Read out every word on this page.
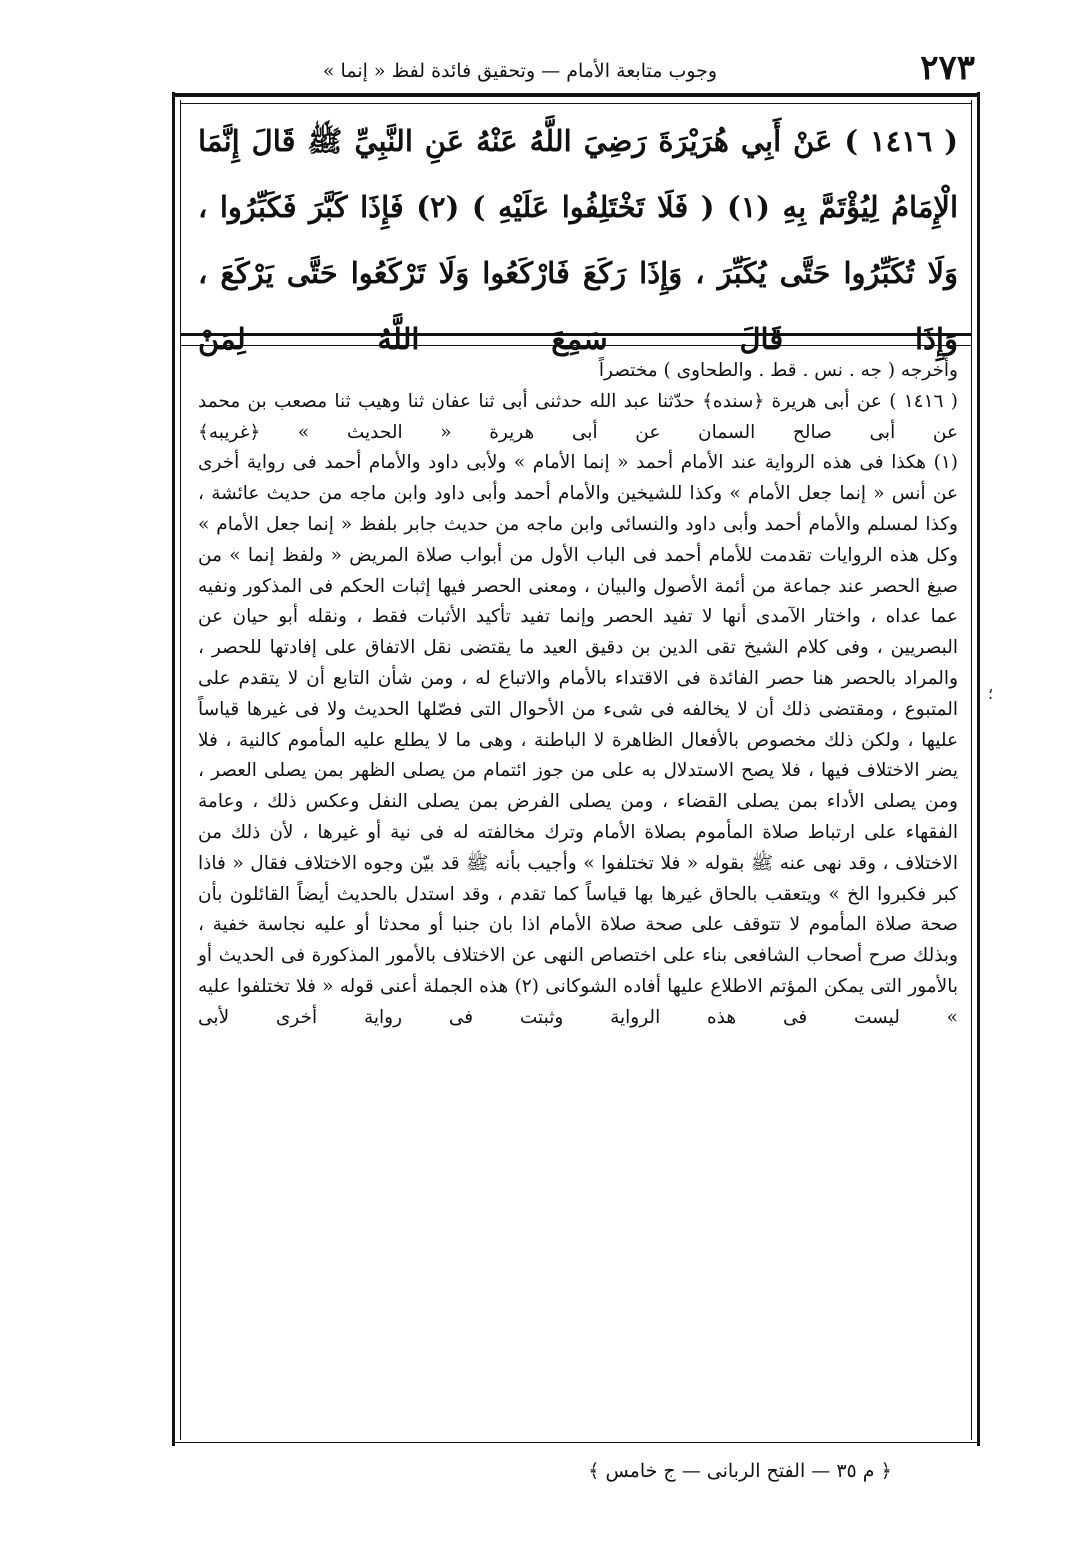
٢٧٣
وجوب متابعة الأمام — وتحقيق فائدة لفظ « إنما »
( ١٤١٦ ) عَنْ أَبِي هُرَيْرَةَ رَضِيَ اللَّهُ عَنْهُ عَنِ النَّبِيِّ ﷺ قَالَ إِنَّمَا الْإِمَامُ لِيُؤْتَمَّ بِهِ (١) ( فَلَا تَخْتَلِفُوا عَلَيْهِ ) (٢) فَإِذَا كَبَّرَ فَكَبِّرُوا ، وَلَا تُكَبِّرُوا حَتَّى يُكَبِّرَ ، وَإِذَا رَكَعَ فَارْكَعُوا وَلَا تَرْكَعُوا حَتَّى يَرْكَعَ ، وَإِذَا قَالَ سَمِعَ اللَّهُ لِمَنْ

وأخرجه ( جه . نس . قط . والطحاوى ) مختصراً

( ١٤١٦ ) عن أبى هريرة ﴿سنده﴾ حدّثنا عبد الله حدثنى أبى ثنا عفان ثنا وهيب ثنا مصعب بن محمد عن أبى صالح السمان عن أبى هريرة « الحديث » ﴿غريبه﴾

(١) هكذا فى هذه الرواية عند الأمام أحمد « إنما الأمام » ولأبى داود والأمام أحمد فى رواية أخرى عن أنس « إنما جعل الأمام » وكذا للشيخين والأمام أحمد وأبى داود وابن ماجه من حديث عائشة ، وكذا لمسلم والأمام أحمد وأبى داود والنسائى وابن ماجه من حديث جابر بلفظ « إنما جعل الأمام » وكل هذه الروايات تقدمت للأمام أحمد فى الباب الأول من أبواب صلاة المريض « ولفظ إنما » من صيغ الحصر عند جماعة من أئمة الأصول والبيان ، ومعنى الحصر فيها إثبات الحكم فى المذكور ونفيه عما عداه ، واختار الآمدى أنها لا تفيد الحصر وإنما تفيد تأكيد الأثبات فقط ، ونقله أبو حيان عن البصريين ، وفى كلام الشيخ تقى الدين بن دقيق العيد ما يقتضى نقل الاتفاق على إفادتها للحصر ، والمراد بالحصر هنا حصر الفائدة فى الاقتداء بالأمام والاتباع له ، ومن شأن التابع أن لا يتقدم على المتبوع ، ومقتضى ذلك أن لا يخالفه فى شىء من الأحوال التى فصّلها الحديث ولا فى غيرها قياساً عليها ، ولكن ذلك مخصوص بالأفعال الظاهرة لا الباطنة ، وهى ما لا يطلع عليه المأموم كالنية ، فلا يضر الاختلاف فيها ، فلا يصح الاستدلال به على من جوز ائتمام من يصلى الظهر بمن يصلى العصر ، ومن يصلى الأداء بمن يصلى القضاء ، ومن يصلى الفرض بمن يصلى النفل وعكس ذلك ، وعامة الفقهاء على ارتباط صلاة المأموم بصلاة الأمام وترك مخالفته له فى نية أو غيرها ، لأن ذلك من الاختلاف ، وقد نهى عنه ﷺ بقوله « فلا تختلفوا » وأجيب بأنه ﷺ قد بيّن وجوه الاختلاف فقال « فاذا كبر فكبروا الخ » ويتعقب بالحاق غيرها بها قياساً كما تقدم ، وقد استدل بالحديث أيضاً القائلون بأن صحة صلاة المأموم لا تتوقف على صحة صلاة الأمام اذا بان جنبا أو محدثا أو عليه نجاسة خفية ، وبذلك صرح أصحاب الشافعى بناء على اختصاص النهى عن الاختلاف بالأمور المذكورة فى الحديث أو بالأمور التى يمكن المؤتم الاطلاع عليها أفاده الشوكانى (٢) هذه الجملة أعنى قوله « فلا تختلفوا عليه » ليست فى هذه الرواية وثبتت فى رواية أخرى لأبى

؛
﴿ م ٣٥ — الفتح الربانى — ج خامس ﴾
